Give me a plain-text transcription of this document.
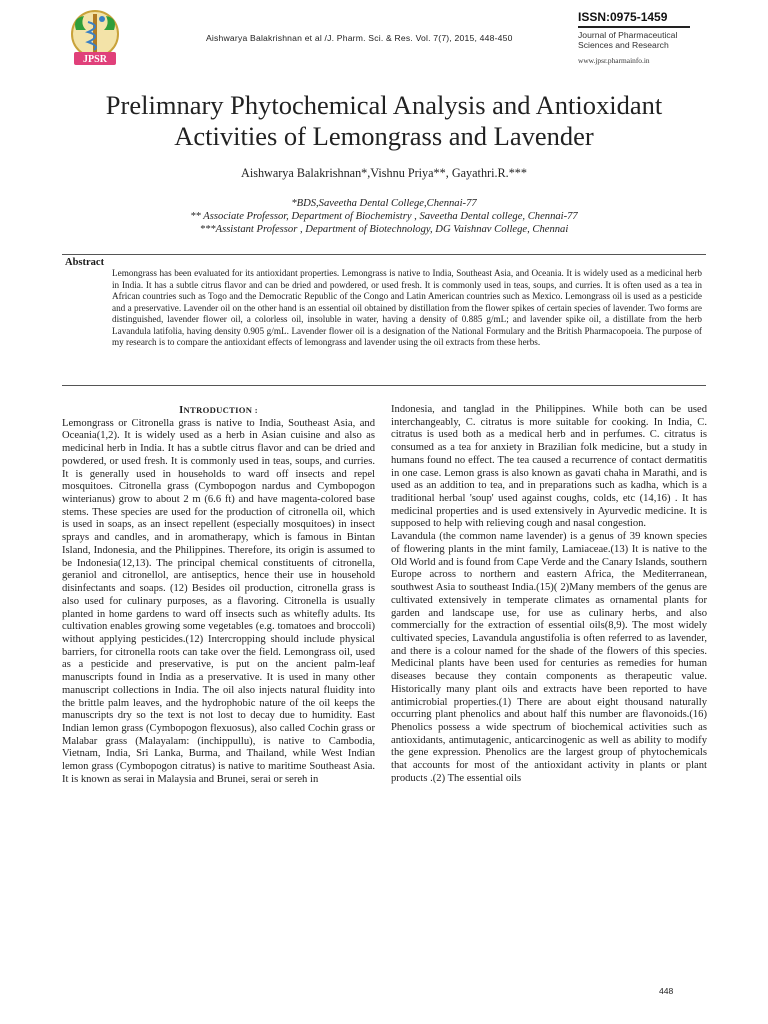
JPSR
Aishwarya Balakrishnan et al /J. Pharm. Sci. & Res. Vol. 7(7), 2015, 448-450
ISSN:0975-1459
Journal of Pharmaceutical
Sciences and Research
www.jpsr.pharmainfo.in
Prelimnary Phytochemical Analysis and Antioxidant
Activities of Lemongrass and Lavender
Aishwarya Balakrishnan*,Vishnu Priya**, Gayathri.R.***
*BDS,Saveetha Dental College,Chennai-77
** Associate Professor, Department of Biochemistry , Saveetha Dental college, Chennai-77
***Assistant Professor , Department of Biotechnology, DG Vaishnav College, Chennai
Abstract
Lemongrass has been evaluated for its antioxidant properties. Lemongrass is native to India, Southeast Asia, and Oceania. It is widely used as a medicinal herb in India. It has a subtle citrus flavor and can be dried and powdered, or used fresh. It is commonly used in teas, soups, and curries. It is often used as a tea in African countries such as Togo and the Democratic Republic of the Congo and Latin American countries such as Mexico. Lemongrass oil is used as a pesticide and a preservative. Lavender oil on the other hand is an essential oil obtained by distillation from the flower spikes of certain species of lavender. Two forms are distinguished, lavender flower oil, a colorless oil, insoluble in water, having a density of 0.885 g/mL; and lavender spike oil, a distillate from the herb Lavandula latifolia, having density 0.905 g/mL. Lavender flower oil is a designation of the National Formulary and the British Pharmacopoeia. The purpose of my research is to compare the antioxidant effects of lemongrass and lavender using the oil extracts from these herbs.
INTRODUCTION :
Lemongrass or Citronella grass is native to India, Southeast Asia, and Oceania(1,2). It is widely used as a herb in Asian cuisine and also as medicinal herb in India. It has a subtle citrus flavor and can be dried and powdered, or used fresh. It is commonly used in teas, soups, and curries. It is generally used in households to ward off insects and repel mosquitoes. Citronella grass (Cymbopogon nardus and Cymbopogon winterianus) grow to about 2 m (6.6 ft) and have magenta-colored base stems. These species are used for the production of citronella oil, which is used in soaps, as an insect repellent (especially mosquitoes) in insect sprays and candles, and in aromatherapy, which is famous in Bintan Island, Indonesia, and the Philippines. Therefore, its origin is assumed to be Indonesia(12,13). The principal chemical constituents of citronella, geraniol and citronellol, are antiseptics, hence their use in household disinfectants and soaps. (12) Besides oil production, citronella grass is also used for culinary purposes, as a flavoring. Citronella is usually planted in home gardens to ward off insects such as whitefly adults. Its cultivation enables growing some vegetables (e.g. tomatoes and broccoli) without applying pesticides.(12) Intercropping should include physical barriers, for citronella roots can take over the field. Lemongrass oil, used as a pesticide and preservative, is put on the ancient palm-leaf manuscripts found in India as a preservative. It is used in many other manuscript collections in India. The oil also injects natural fluidity into the brittle palm leaves, and the hydrophobic nature of the oil keeps the manuscripts dry so the text is not lost to decay due to humidity. East Indian lemon grass (Cymbopogon flexuosus), also called Cochin grass or Malabar grass (Malayalam: (inchippullu), is native to Cambodia, Vietnam, India, Sri Lanka, Burma, and Thailand, while West Indian lemon grass (Cymbopogon citratus) is native to maritime Southeast Asia. It is known as serai in Malaysia and Brunei, serai or sereh in
Indonesia, and tanglad in the Philippines. While both can be used interchangeably, C. citratus is more suitable for cooking. In India, C. citratus is used both as a medical herb and in perfumes. C. citratus is consumed as a tea for anxiety in Brazilian folk medicine, but a study in humans found no effect. The tea caused a recurrence of contact dermatitis in one case. Lemon grass is also known as gavati chaha in Marathi, and is used as an addition to tea, and in preparations such as kadha, which is a traditional herbal 'soup' used against coughs, colds, etc (14,16) . It has medicinal properties and is used extensively in Ayurvedic medicine. It is supposed to help with relieving cough and nasal congestion.
Lavandula (the common name lavender) is a genus of 39 known species of flowering plants in the mint family, Lamiaceae.(13) It is native to the Old World and is found from Cape Verde and the Canary Islands, southern Europe across to northern and eastern Africa, the Mediterranean, southwest Asia to southeast India.(15)( 2)Many members of the genus are cultivated extensively in temperate climates as ornamental plants for garden and landscape use, for use as culinary herbs, and also commercially for the extraction of essential oils(8,9). The most widely cultivated species, Lavandula angustifolia is often referred to as lavender, and there is a colour named for the shade of the flowers of this species. Medicinal plants have been used for centuries as remedies for human diseases because they contain components as therapeutic value. Historically many plant oils and extracts have been reported to have antimicrobial properties.(1) There are about eight thousand naturally occurring plant phenolics and about half this number are flavonoids.(16) Phenolics possess a wide spectrum of biochemical activities such as antioxidants, antimutagenic, anticarcinogenic as well as ability to modify the gene expression. Phenolics are the largest group of phytochemicals that accounts for most of the antioxidant activity in plants or plant products .(2) The essential oils
448
